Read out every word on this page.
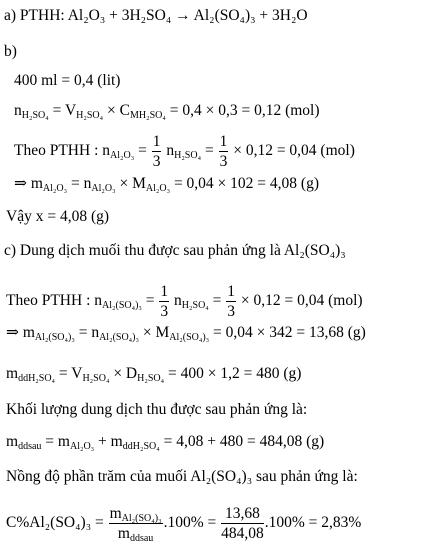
a) PTHH: Al₂O₃ + 3H₂SO₄ → Al₂(SO₄)₃ + 3H₂O
b)
400 ml = 0,4 (lit)
$n_{H_2SO_4} = V_{H_2SO_4} \times C_{MH_2SO_4} = 0,4 \times 0,3 = 0,12$ (mol)
Theo PTHH : $n_{Al_2O_3} = \frac{1}{3} n_{H_2SO_4} = \frac{1}{3} \times 0,12 = 0,04$ (mol)
⇒ $m_{Al_2O_3} = n_{Al_2O_3} \times M_{Al_2O_3} = 0,04 \times 102 = 4,08$ (g)
Vậy x = 4,08 (g)
c) Dung dịch muối thu được sau phản ứng là Al₂(SO₄)₃
Theo PTHH : $n_{Al_2(SO_4)_3} = \frac{1}{3} n_{H_2SO_4} = \frac{1}{3} \times 0,12 = 0,04$ (mol)
⇒ $m_{Al_2(SO_4)_3} = n_{Al_2(SO_4)_3} \times M_{Al_2(SO_4)_3} = 0,04 \times 342 = 13,68$ (g)
$m_{ddH_2SO_4} = V_{H_2SO_4} \times D_{H_2SO_4} = 400 \times 1,2 = 480$ (g)
Khối lượng dung dịch thu được sau phản ứng là:
$m_{ddsau} = m_{Al_2O_3} + m_{ddH_2SO_4} = 4,08 + 480 = 484,08$ (g)
Nồng độ phần trăm của muối Al₂(SO₄)₃ sau phản ứng là:
$C\%Al_2(SO_4)_3 = \frac{m_{Al_2(SO_4)_3}}{m_{ddsau}} .100\% = \frac{13,68}{484,08} .100\% = 2,83\%$
